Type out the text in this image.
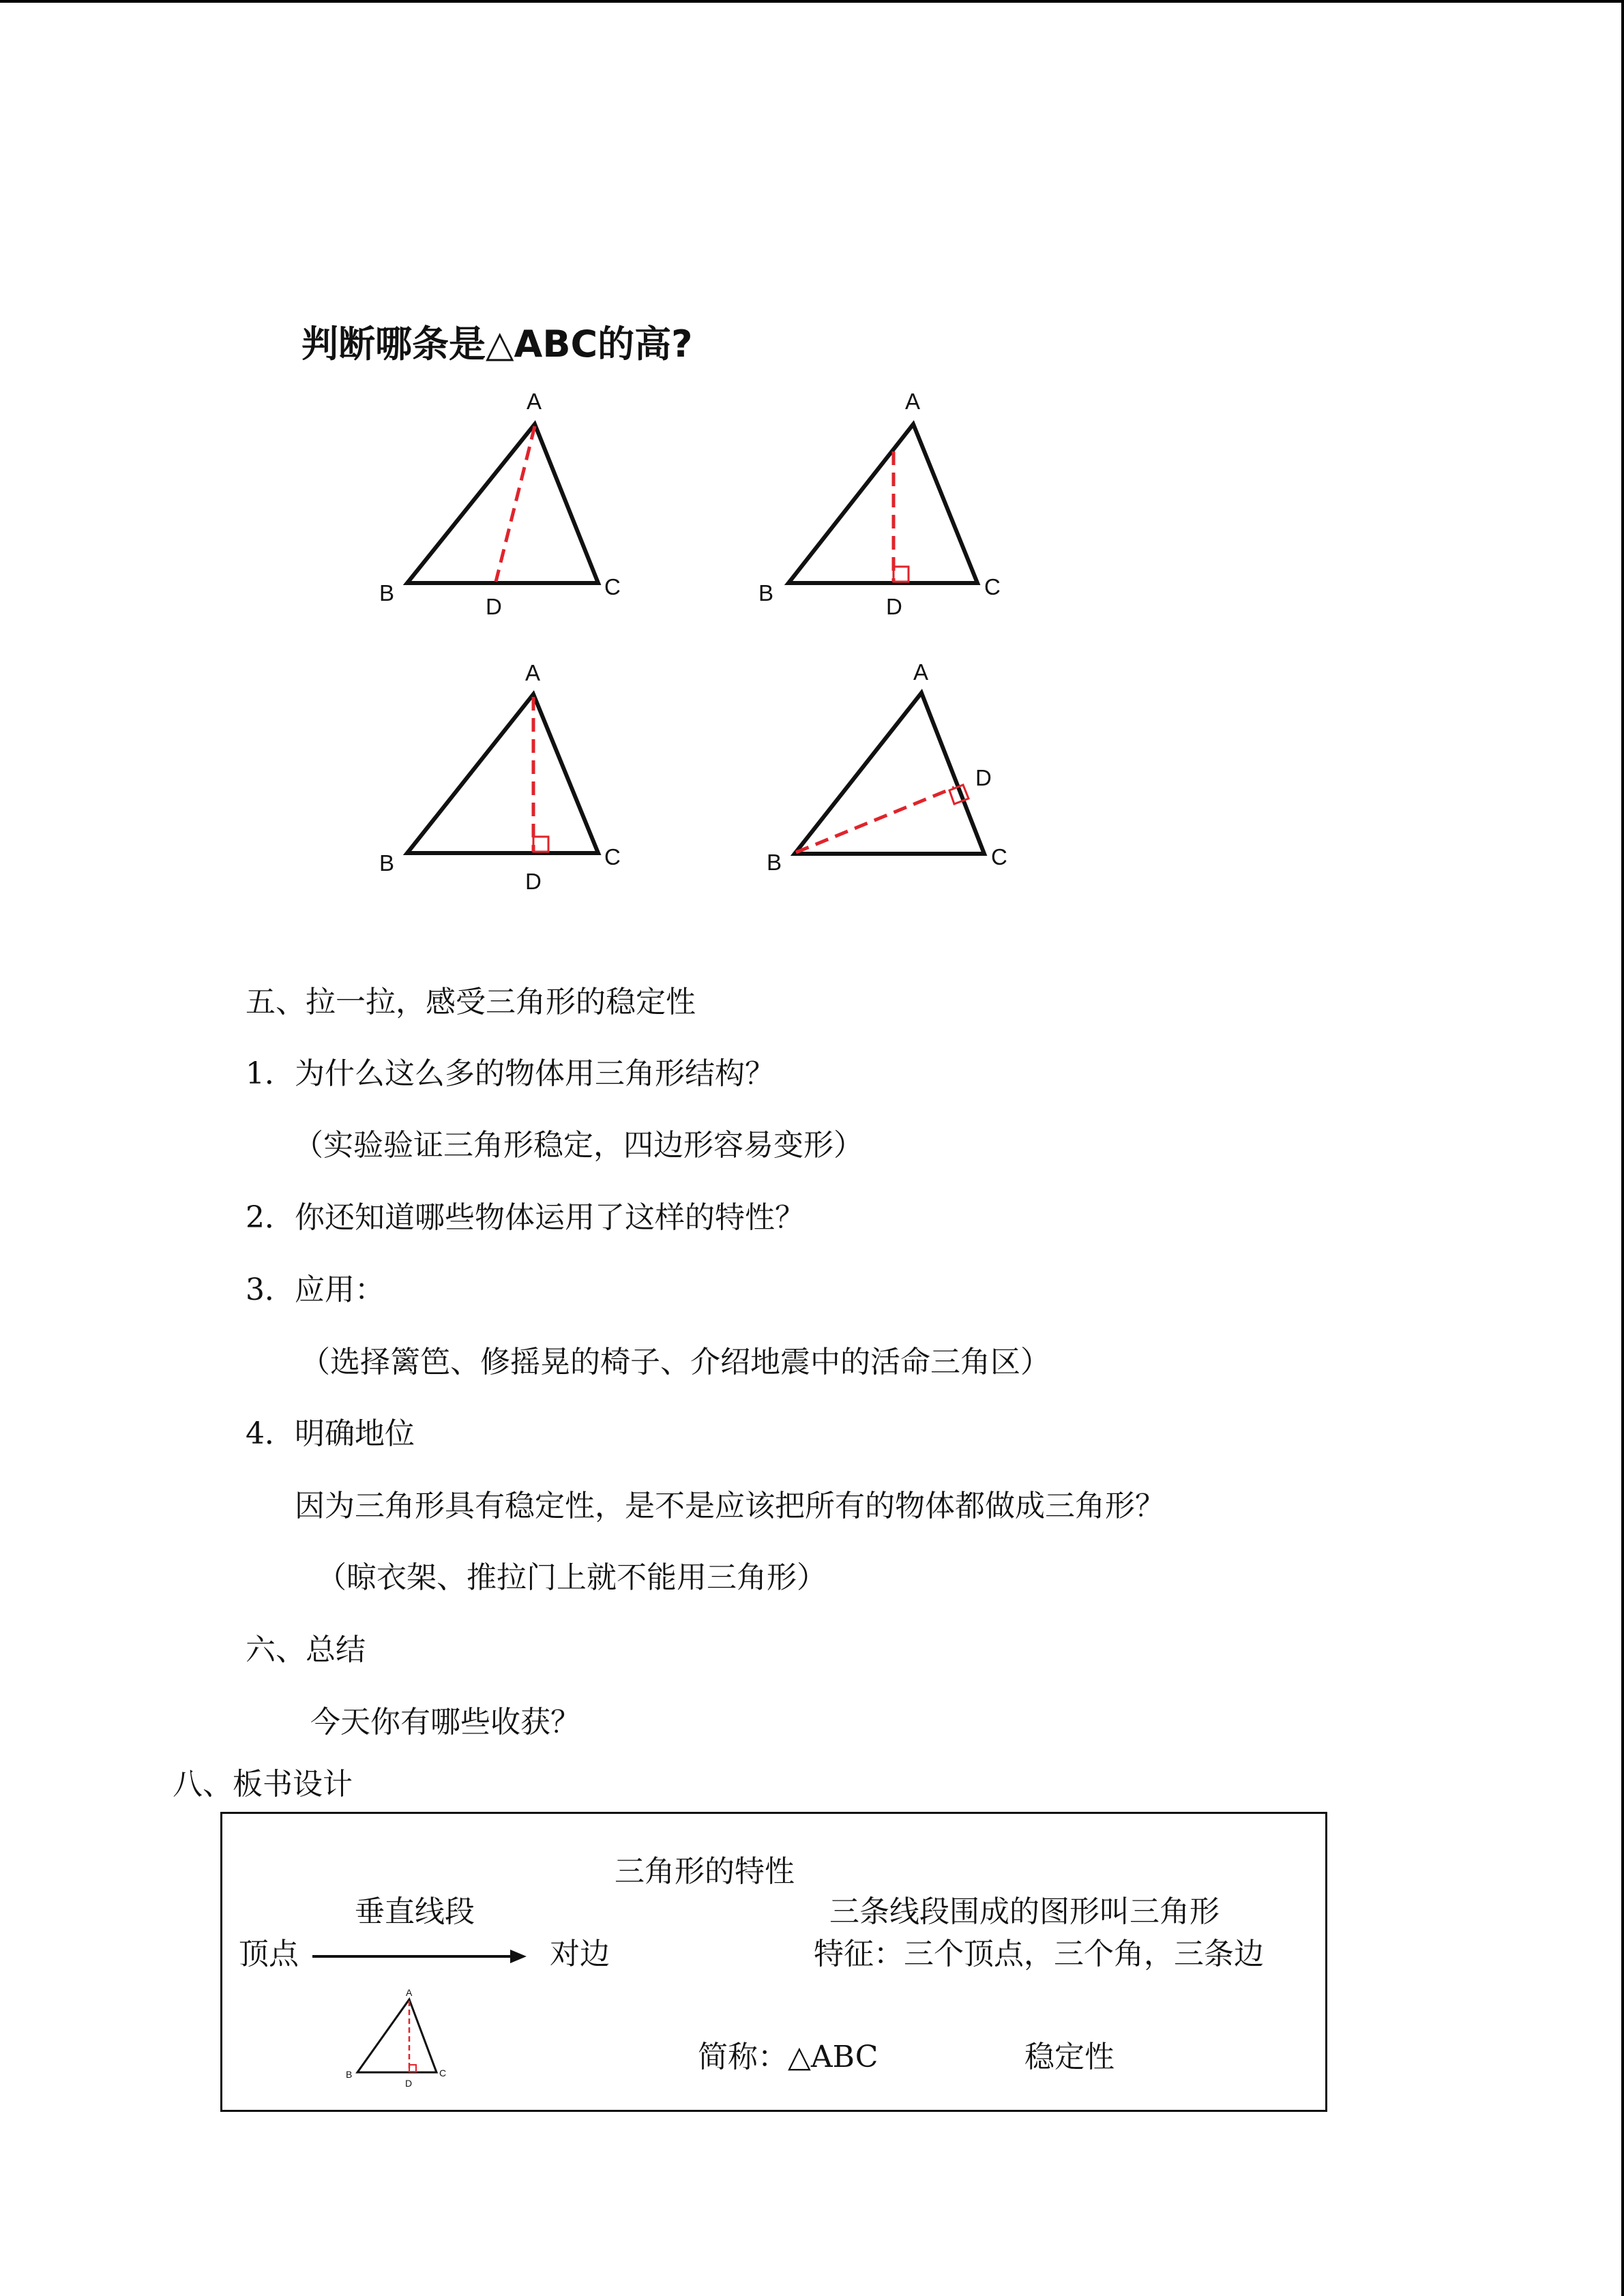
判断哪条是△ABC的高?
A
B	C
D
A
B	C
D
A
B	C
D
A
B	C
D
五、拉一拉，感受三角形的稳定性
1．为什么这么多的物体用三角形结构？
（实验验证三角形稳定，四边形容易变形）
2．你还知道哪些物体运用了这样的特性？
3．应用：
（选择篱笆、修摇晃的椅子、介绍地震中的活命三角区）
4．明确地位
因为三角形具有稳定性，是不是应该把所有的物体都做成三角形？
（晾衣架、推拉门上就不能用三角形）
六、总结
今天你有哪些收获？
八、板书设计
三角形的特性
垂直线段
顶点	对边
三条线段围成的图形叫三角形
特征：三个顶点，三个角，三条边
简称：△ABC	稳定性
A
B	C
D
